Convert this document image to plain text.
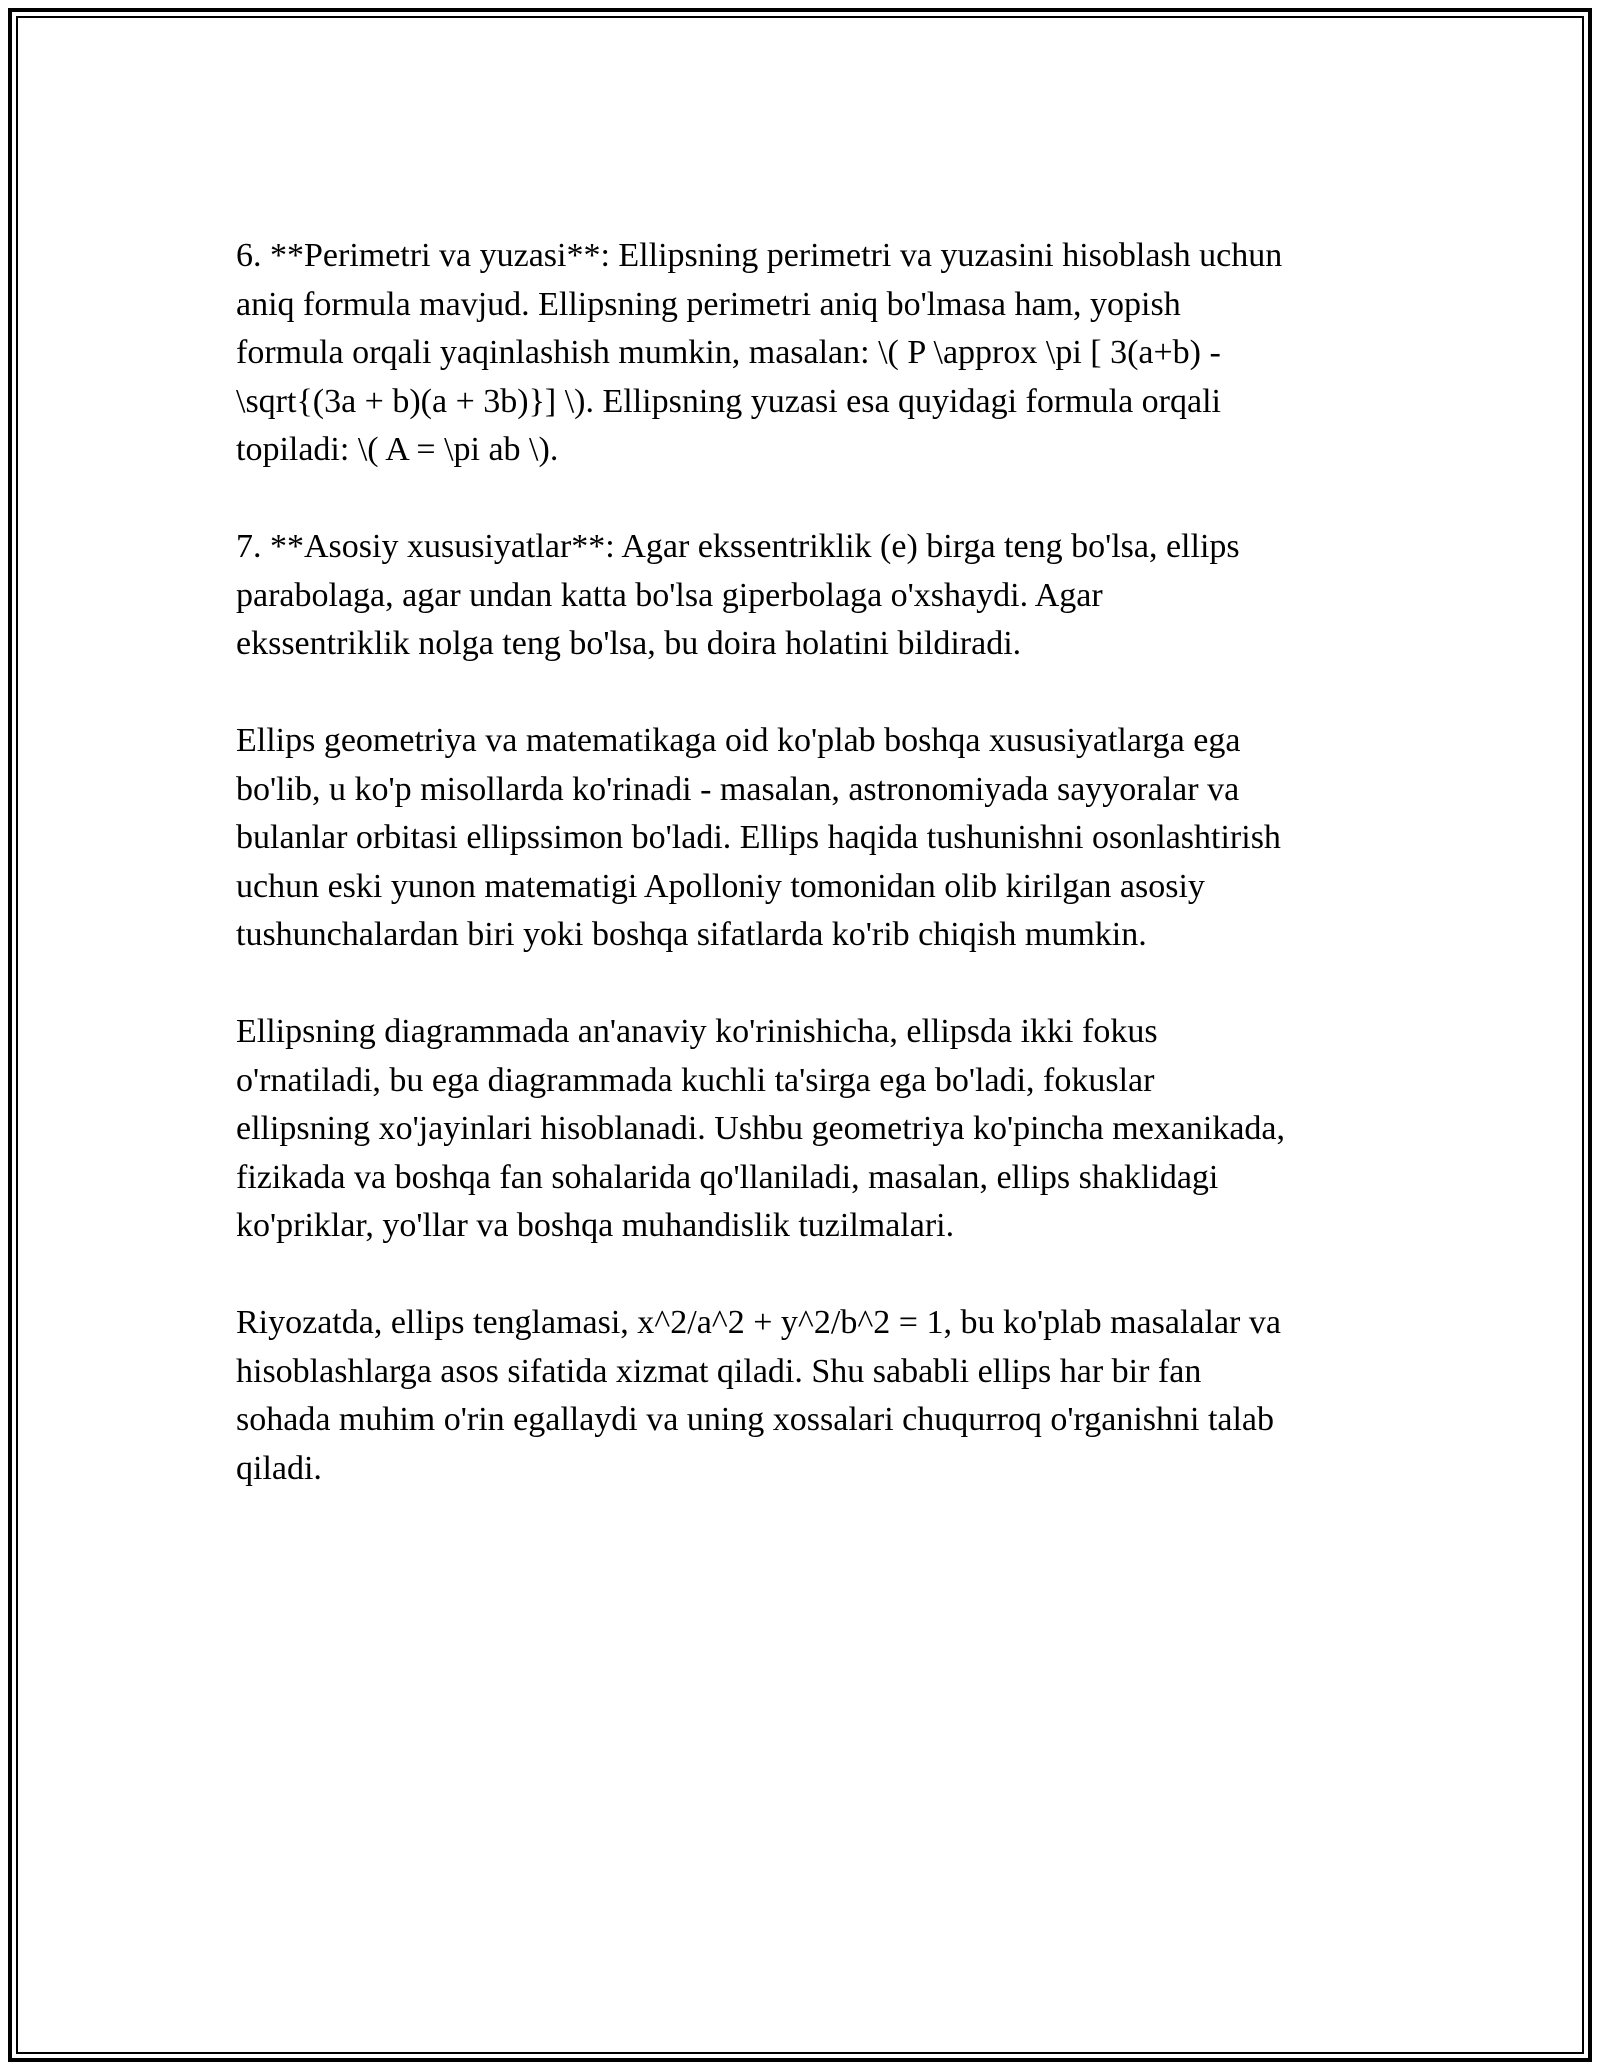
6. **Perimetri va yuzasi**: Ellipsning perimetri va yuzasini hisoblash uchun
aniq formula mavjud. Ellipsning perimetri aniq bo'lmasa ham, yopish
formula orqali yaqinlashish mumkin, masalan: \( P \approx \pi [ 3(a+b) -
\sqrt{(3a + b)(a + 3b)}] \). Ellipsning yuzasi esa quyidagi formula orqali
topiladi: \( A = \pi ab \).

7. **Asosiy xususiyatlar**: Agar ekssentriklik (e) birga teng bo'lsa, ellips
parabolaga, agar undan katta bo'lsa giperbolaga o'xshaydi. Agar
ekssentriklik nolga teng bo'lsa, bu doira holatini bildiradi.

Ellips geometriya va matematikaga oid ko'plab boshqa xususiyatlarga ega
bo'lib, u ko'p misollarda ko'rinadi - masalan, astronomiyada sayyoralar va
bulanlar orbitasi ellipssimon bo'ladi. Ellips haqida tushunishni osonlashtirish
uchun eski yunon matematigi Apolloniy tomonidan olib kirilgan asosiy
tushunchalardan biri yoki boshqa sifatlarda ko'rib chiqish mumkin.

Ellipsning diagrammada an'anaviy ko'rinishicha, ellipsda ikki fokus
o'rnatiladi, bu ega diagrammada kuchli ta'sirga ega bo'ladi, fokuslar
ellipsning xo'jayinlari hisoblanadi. Ushbu geometriya ko'pincha mexanikada,
fizikada va boshqa fan sohalarida qo'llaniladi, masalan, ellips shaklidagi
ko'priklar, yo'llar va boshqa muhandislik tuzilmalari.

Riyozatda, ellips tenglamasi, x^2/a^2 + y^2/b^2 = 1, bu ko'plab masalalar va
hisoblashlarga asos sifatida xizmat qiladi. Shu sababli ellips har bir fan
sohada muhim o'rin egallaydi va uning xossalari chuqurroq o'rganishni talab
qiladi.
